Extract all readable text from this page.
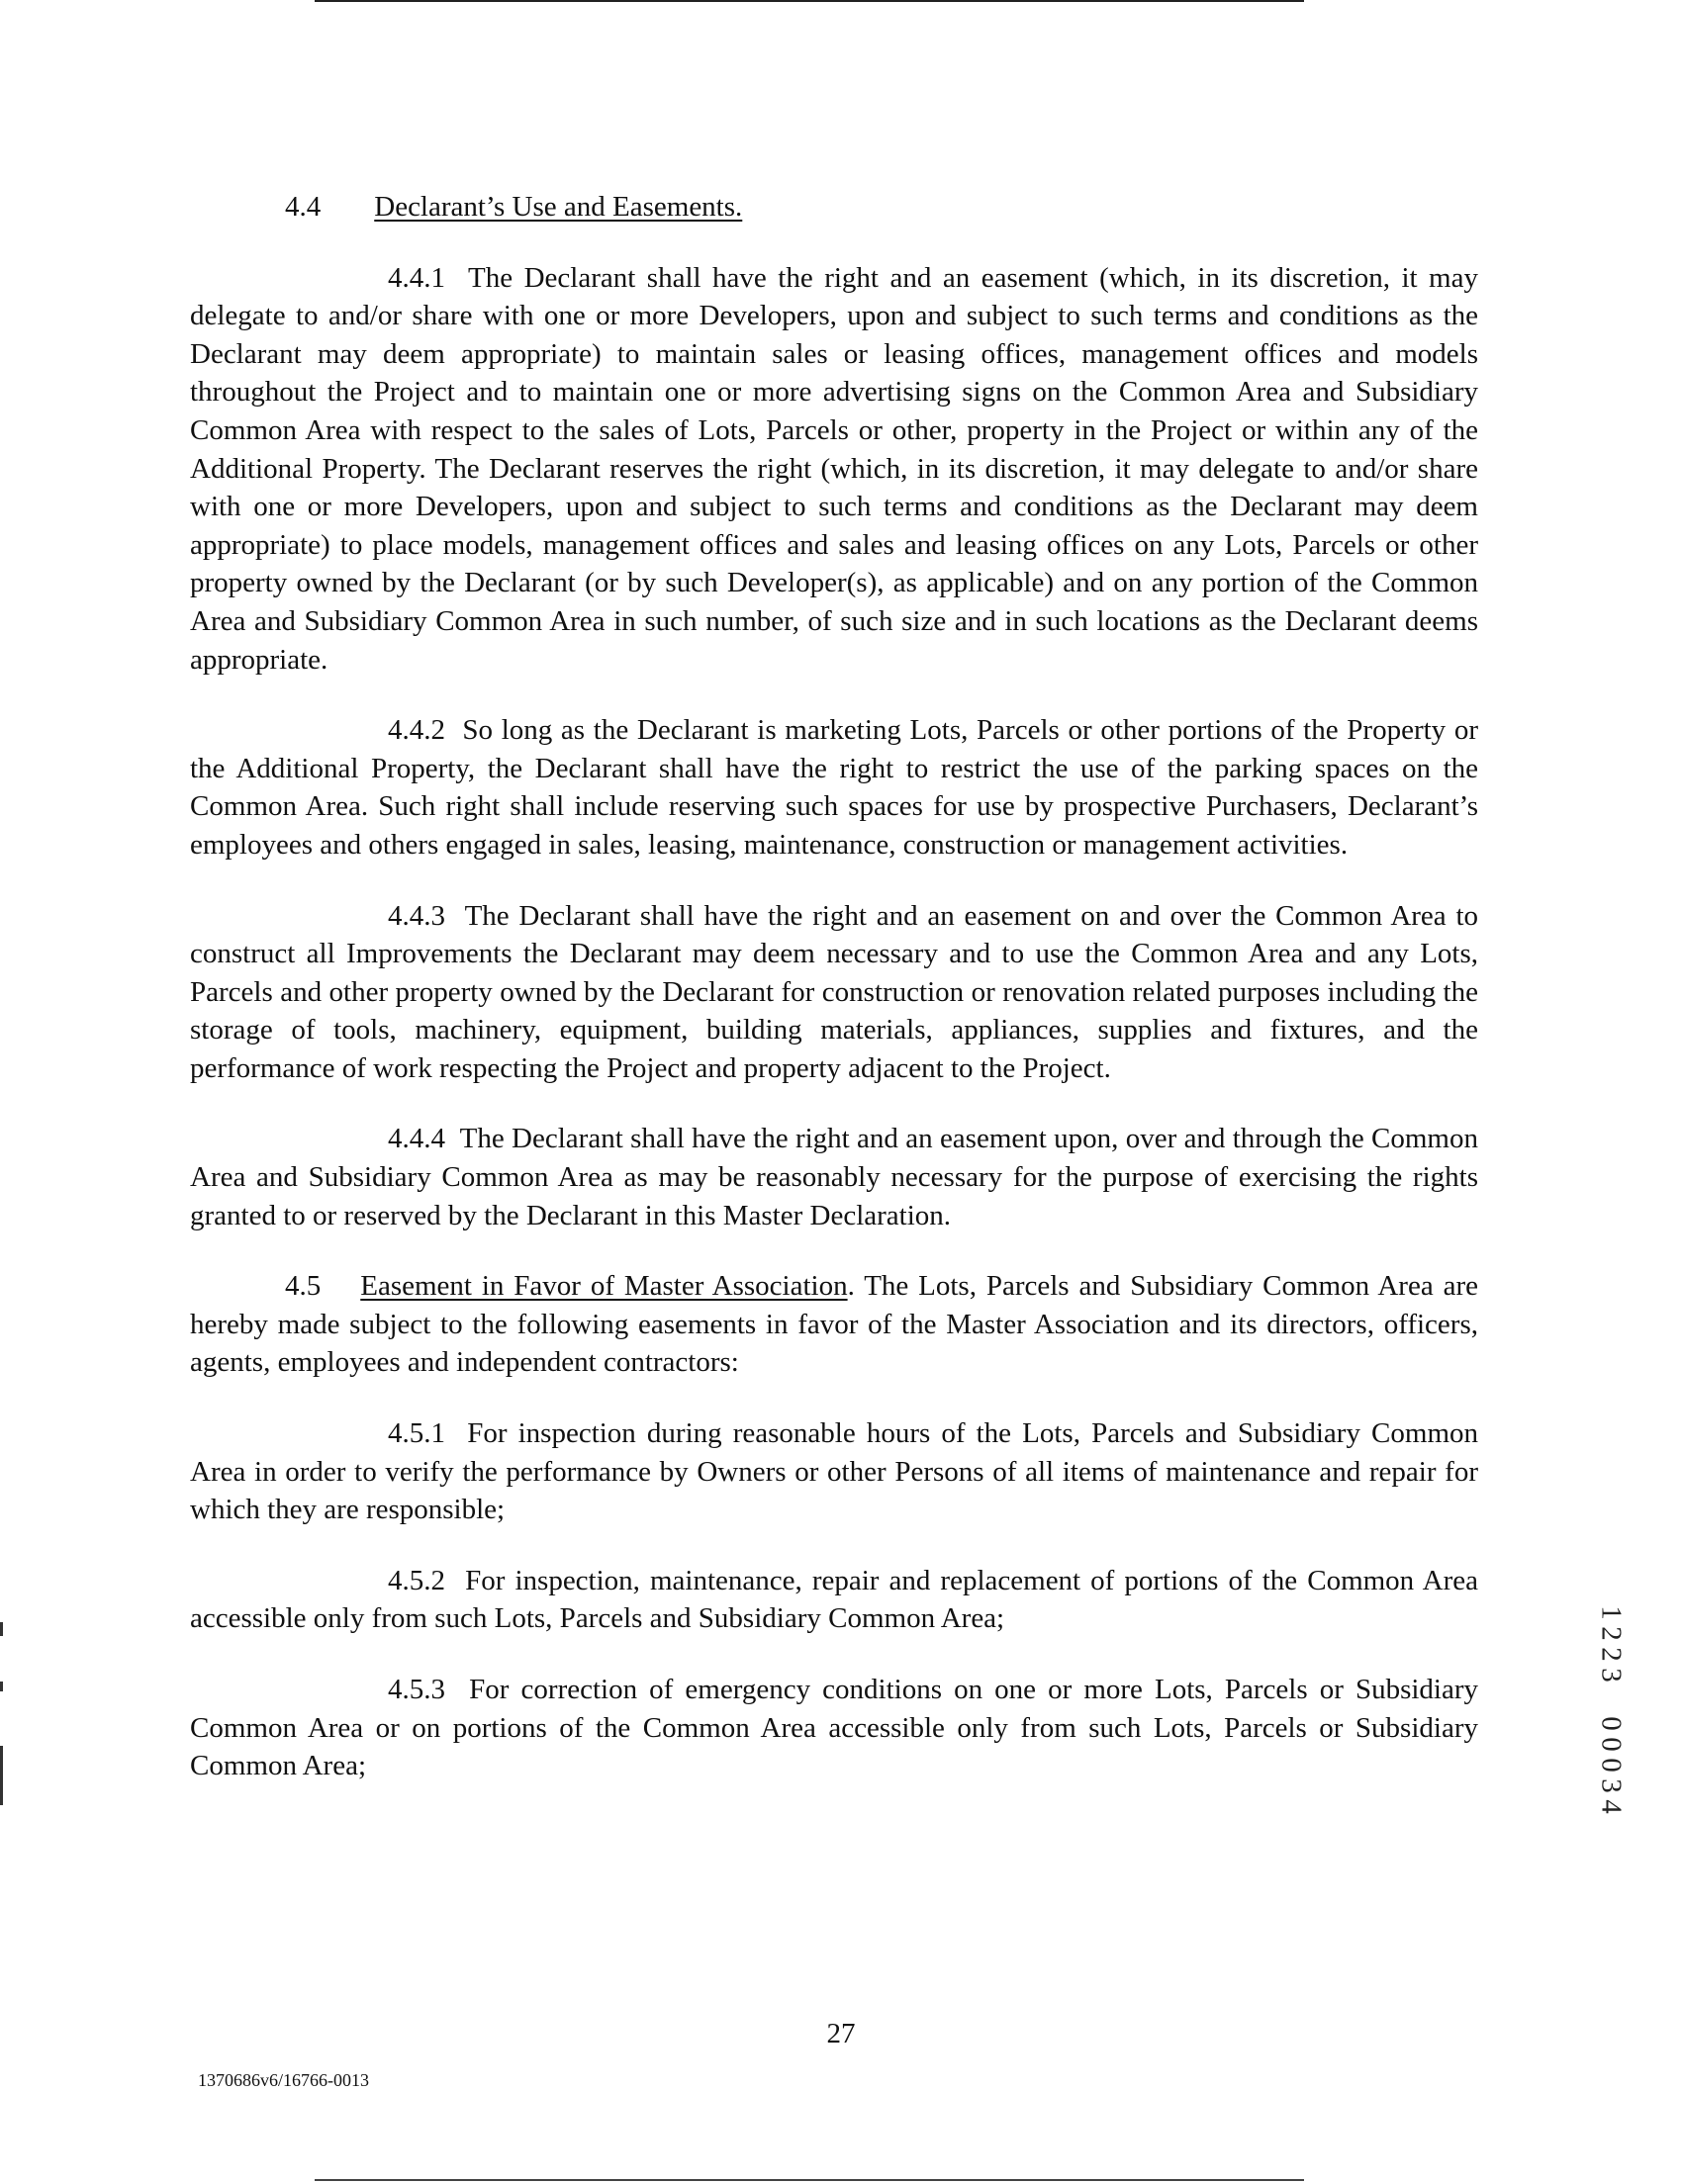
4.4 Declarant’s Use and Easements.

4.4.1 The Declarant shall have the right and an easement (which, in its discretion, it may delegate to and/or share with one or more Developers, upon and subject to such terms and conditions as the Declarant may deem appropriate) to maintain sales or leasing offices, management offices and models throughout the Project and to maintain one or more advertising signs on the Common Area and Subsidiary Common Area with respect to the sales of Lots, Parcels or other, property in the Project or within any of the Additional Property. The Declarant reserves the right (which, in its discretion, it may delegate to and/or share with one or more Developers, upon and subject to such terms and conditions as the Declarant may deem appropriate) to place models, management offices and sales and leasing offices on any Lots, Parcels or other property owned by the Declarant (or by such Developer(s), as applicable) and on any portion of the Common Area and Subsidiary Common Area in such number, of such size and in such locations as the Declarant deems appropriate.

4.4.2 So long as the Declarant is marketing Lots, Parcels or other portions of the Property or the Additional Property, the Declarant shall have the right to restrict the use of the parking spaces on the Common Area. Such right shall include reserving such spaces for use by prospective Purchasers, Declarant’s employees and others engaged in sales, leasing, maintenance, construction or management activities.

4.4.3 The Declarant shall have the right and an easement on and over the Common Area to construct all Improvements the Declarant may deem necessary and to use the Common Area and any Lots, Parcels and other property owned by the Declarant for construction or renovation related purposes including the storage of tools, machinery, equipment, building materials, appliances, supplies and fixtures, and the performance of work respecting the Project and property adjacent to the Project.

4.4.4 The Declarant shall have the right and an easement upon, over and through the Common Area and Subsidiary Common Area as may be reasonably necessary for the purpose of exercising the rights granted to or reserved by the Declarant in this Master Declaration.

4.5 Easement in Favor of Master Association. The Lots, Parcels and Subsidiary Common Area are hereby made subject to the following easements in favor of the Master Association and its directors, officers, agents, employees and independent contractors:

4.5.1 For inspection during reasonable hours of the Lots, Parcels and Subsidiary Common Area in order to verify the performance by Owners or other Persons of all items of maintenance and repair for which they are responsible;

4.5.2 For inspection, maintenance, repair and replacement of portions of the Common Area accessible only from such Lots, Parcels and Subsidiary Common Area;

4.5.3 For correction of emergency conditions on one or more Lots, Parcels or Subsidiary Common Area or on portions of the Common Area accessible only from such Lots, Parcels or Subsidiary Common Area;

27
1370686v6/16766-0013
1
2
2
3
0
0
0
3
4
